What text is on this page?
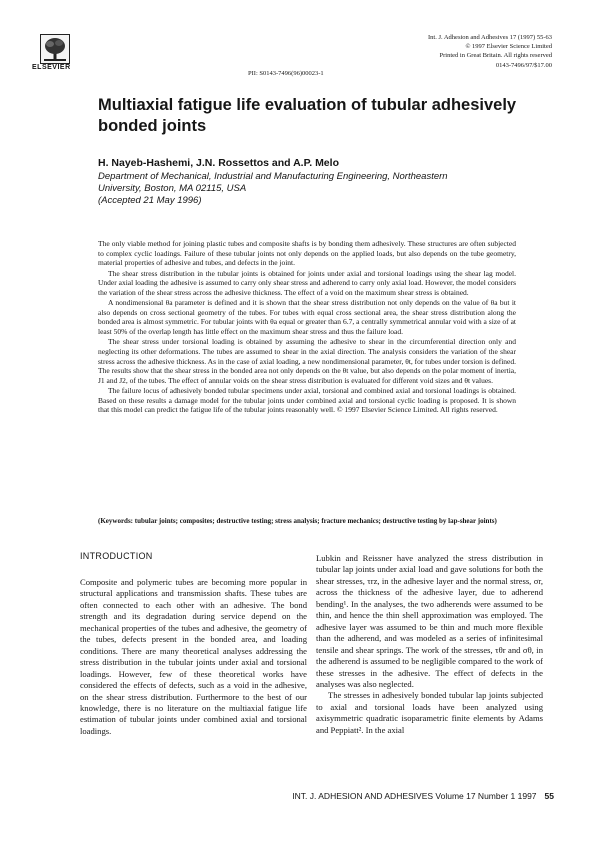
ELSEVIER
Int. J. Adhesion and Adhesives 17 (1997) 55-63
© 1997 Elsevier Science Limited
Printed in Great Britain. All rights reserved
0143-7496/97/$17.00
PII: S0143-7496(96)00023-1
Multiaxial fatigue life evaluation of tubular adhesively bonded joints
H. Nayeb-Hashemi, J.N. Rossettos and A.P. Melo
Department of Mechanical, Industrial and Manufacturing Engineering, Northeastern
University, Boston, MA 02115, USA
(Accepted 21 May 1996)

The only viable method for joining plastic tubes and composite shafts is by bonding them adhesively. These structures are often subjected to complex cyclic loadings. Failure of these tubular joints not only depends on the applied loads, but also depends on the tube geometry, material properties of adhesive and tubes, and defects in the joint.

The shear stress distribution in the tubular joints is obtained for joints under axial and torsional loadings using the shear lag model. Under axial loading the adhesive is assumed to carry only shear stress and adherend to carry only axial load. However, the model considers the variation of the shear stress across the adhesive thickness. The effect of a void on the maximum shear stress is obtained.

A nondimensional θa parameter is defined and it is shown that the shear stress distribution not only depends on the value of θa but it also depends on cross sectional geometry of the tubes. For tubes with equal cross sectional area, the shear stress distribution along the bonded area is almost symmetric. For tubular joints with θa equal or greater than 6.7, a centrally symmetrical annular void with a size of at least 50% of the overlap length has little effect on the maximum shear stress and thus the failure load.

The shear stress under torsional loading is obtained by assuming the adhesive to shear in the circumferential direction only and neglecting its other deformations. The tubes are assumed to shear in the axial direction. The analysis considers the variation of the shear stress across the adhesive thickness. As in the case of axial loading, a new nondimensional parameter, θt, for tubes under torsion is defined. The results show that the shear stress in the bonded area not only depends on the θt value, but also depends on the polar moment of inertia, J1 and J2, of the tubes. The effect of annular voids on the shear stress distribution is evaluated for different void sizes and θt values.

The failure locus of adhesively bonded tubular specimens under axial, torsional and combined axial and torsional loadings is obtained. Based on these results a damage model for the tubular joints under combined axial and torsional cyclic loading is proposed. It is shown that this model can predict the fatigue life of the tubular joints reasonably well. © 1997 Elsevier Science Limited. All rights reserved.

(Keywords: tubular joints; composites; destructive testing; stress analysis; fracture mechanics; destructive testing by lap-shear joints)
INTRODUCTION

Composite and polymeric tubes are becoming more popular in structural applications and transmission shafts. These tubes are often connected to each other with an adhesive. The bond strength and its degradation during service depend on the mechanical properties of the tubes and adhesive, the geometry of the tubes, defects present in the bonded area, and loading conditions. There are many theoretical analyses addressing the stress distribution in the tubular joints under axial and torsional loadings. However, few of these theoretical works have considered the effects of defects, such as a void in the adhesive, on the shear stress distribution. Furthermore to the best of our knowledge, there is no literature on the multiaxial fatigue life estimation of tubular joints under combined axial and torsional loadings.

Lubkin and Reissner have analyzed the stress distribution in tubular lap joints under axial load and gave solutions for both the shear stresses, τrz, in the adhesive layer and the normal stress, σr, across the thickness of the adhesive layer, due to adherend bending¹. In the analyses, the two adherends were assumed to be thin, and hence the thin shell approximation was employed. The adhesive layer was assumed to be thin and much more flexible than the adherend, and was modeled as a series of infinitesimal tensile and shear springs. The work of the stresses, τθr and σθ, in the adherend is assumed to be negligible compared to the work of these stresses in the adhesive. The effect of defects in the analyses was also neglected.

The stresses in adhesively bonded tubular lap joints subjected to axial and torsional loads have been analyzed using axisymmetric quadratic isoparametric finite elements by Adams and Peppiatt². In the axial

INT. J. ADHESION AND ADHESIVES Volume 17 Number 1 1997 55
